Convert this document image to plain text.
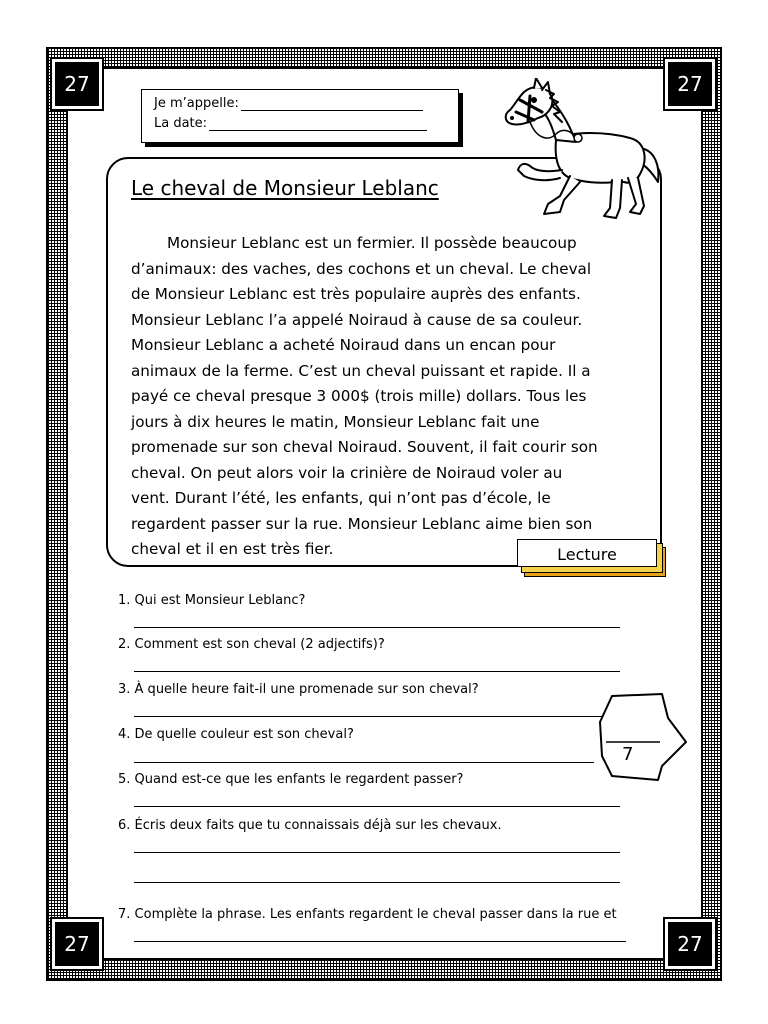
27	27
27	27
Je m’appelle:
La date:
Le cheval de Monsieur Leblanc
Monsieur Leblanc est un fermier. Il possède beaucoup
d’animaux: des vaches, des cochons et un cheval. Le cheval
de Monsieur Leblanc est très populaire auprès des enfants.
Monsieur Leblanc l’a appelé Noiraud à cause de sa couleur.
Monsieur Leblanc a acheté Noiraud dans un encan pour
animaux de la ferme. C’est un cheval puissant et rapide. Il a
payé ce cheval presque 3 000$ (trois mille) dollars. Tous les
jours à dix heures le matin, Monsieur Leblanc fait une
promenade sur son cheval Noiraud. Souvent, il fait courir son
cheval. On peut alors voir la crinière de Noiraud voler au
vent. Durant l’été, les enfants, qui n’ont pas d’école, le
regardent passer sur la rue. Monsieur Leblanc aime bien son
cheval et il en est très fier.	Lecture
1. Qui est Monsieur Leblanc?
2. Comment est son cheval (2 adjectifs)?
3. À quelle heure fait-il une promenade sur son cheval?
4. De quelle couleur est son cheval?
5. Quand est-ce que les enfants le regardent passer?
6. Écris deux faits que tu connaissais déjà sur les chevaux.
7. Complète la phrase. Les enfants regardent le cheval passer dans la rue et
7
